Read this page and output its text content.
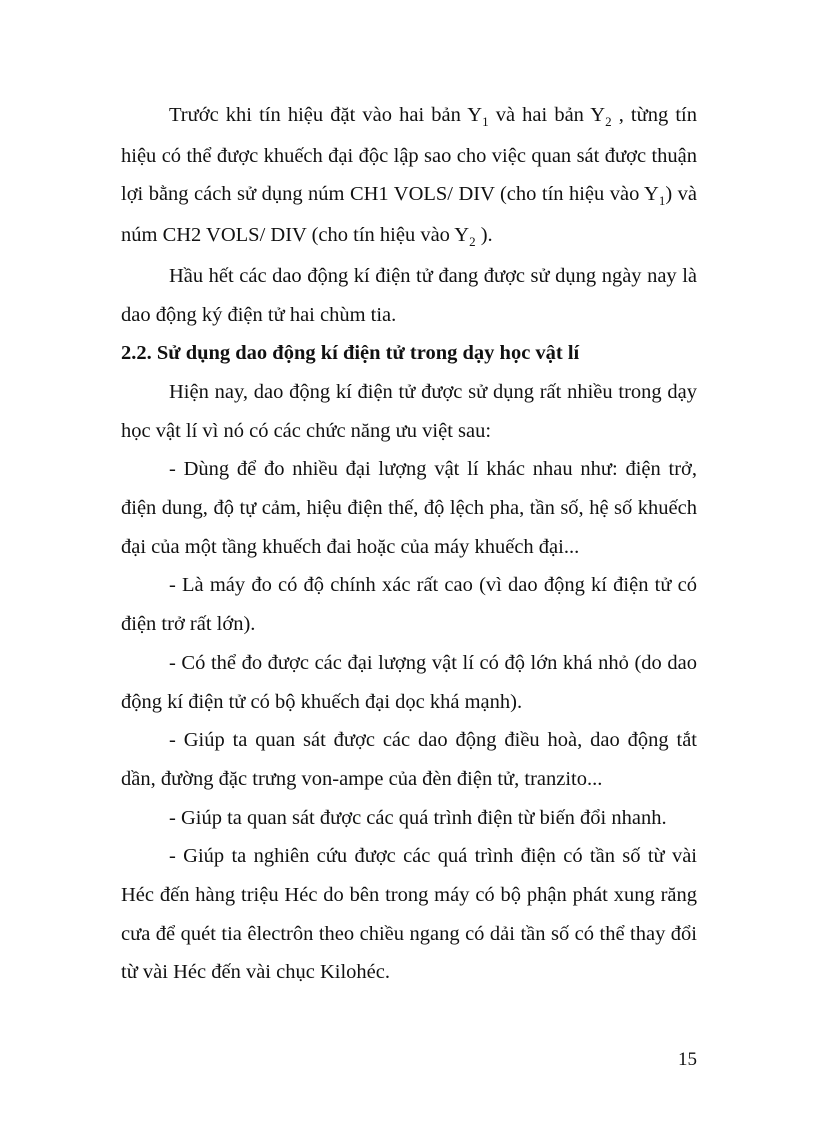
Trước khi tín hiệu đặt vào hai bản $Y_1$ và hai bản $Y_2$ , từng tín hiệu có thể được khuếch đại độc lập sao cho việc quan sát được thuận lợi bằng cách sử dụng núm CH1 VOLS/ DIV (cho tín hiệu vào $Y_1$) và núm CH2 VOLS/ DIV (cho tín hiệu vào $Y_2$ ).

Hầu hết các dao động kí điện tử đang được sử dụng ngày nay là dao động ký điện tử hai chùm tia.

2.2. Sử dụng dao động kí điện tử trong dạy học vật lí

Hiện nay, dao động kí điện tử được sử dụng rất nhiều trong dạy học vật lí vì nó có các chức năng ưu việt sau:

- Dùng để đo nhiều đại lượng vật lí khác nhau như: điện trở, điện dung, độ tự cảm, hiệu điện thế, độ lệch pha, tần số, hệ số khuếch đại của một tầng khuếch đai hoặc của máy khuếch đại...

- Là máy đo có độ chính xác rất cao (vì dao động kí điện tử có điện trở rất lớn).

- Có thể đo được các đại lượng vật lí có độ lớn khá nhỏ (do dao động kí điện tử có bộ khuếch đại dọc khá mạnh).

- Giúp ta quan sát được các dao động điều hoà, dao động tắt dần, đường đặc trưng von-ampe của đèn điện tử, tranzito...

- Giúp ta quan sát được các quá trình điện từ biến đổi nhanh.

- Giúp ta nghiên cứu được các quá trình điện có tần số từ vài Héc đến hàng triệu Héc do bên trong máy có bộ phận phát xung răng cưa để quét tia êlectrôn theo chiều ngang có dải tần số có thể thay đổi từ vài Héc đến vài chục Kilohéc.

15
